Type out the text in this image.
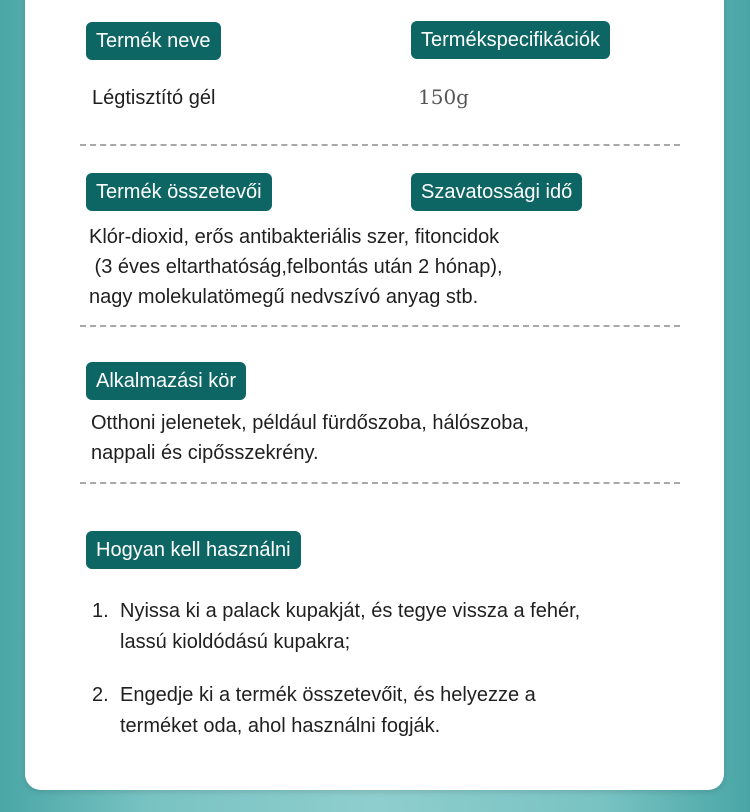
Termék neve	Termékspecifikációk
Légtisztító gél	150g
Termék összetevői	Szavatossági idő
Klór-dioxid, erős antibakteriális szer, fitoncidok
(3 éves eltarthatóság,felbontás után 2 hónap),
nagy molekulatömegű nedvszívó anyag stb.
Alkalmazási kör
Otthoni jelenetek, például fürdőszoba, hálószoba,
nappali és cipősszekrény.
Hogyan kell használni
1. Nyissa ki a palack kupakját, és tegye vissza a fehér,
lassú kioldódású kupakra;
2. Engedje ki a termék összetevőit, és helyezze a
terméket oda, ahol használni fogják.
